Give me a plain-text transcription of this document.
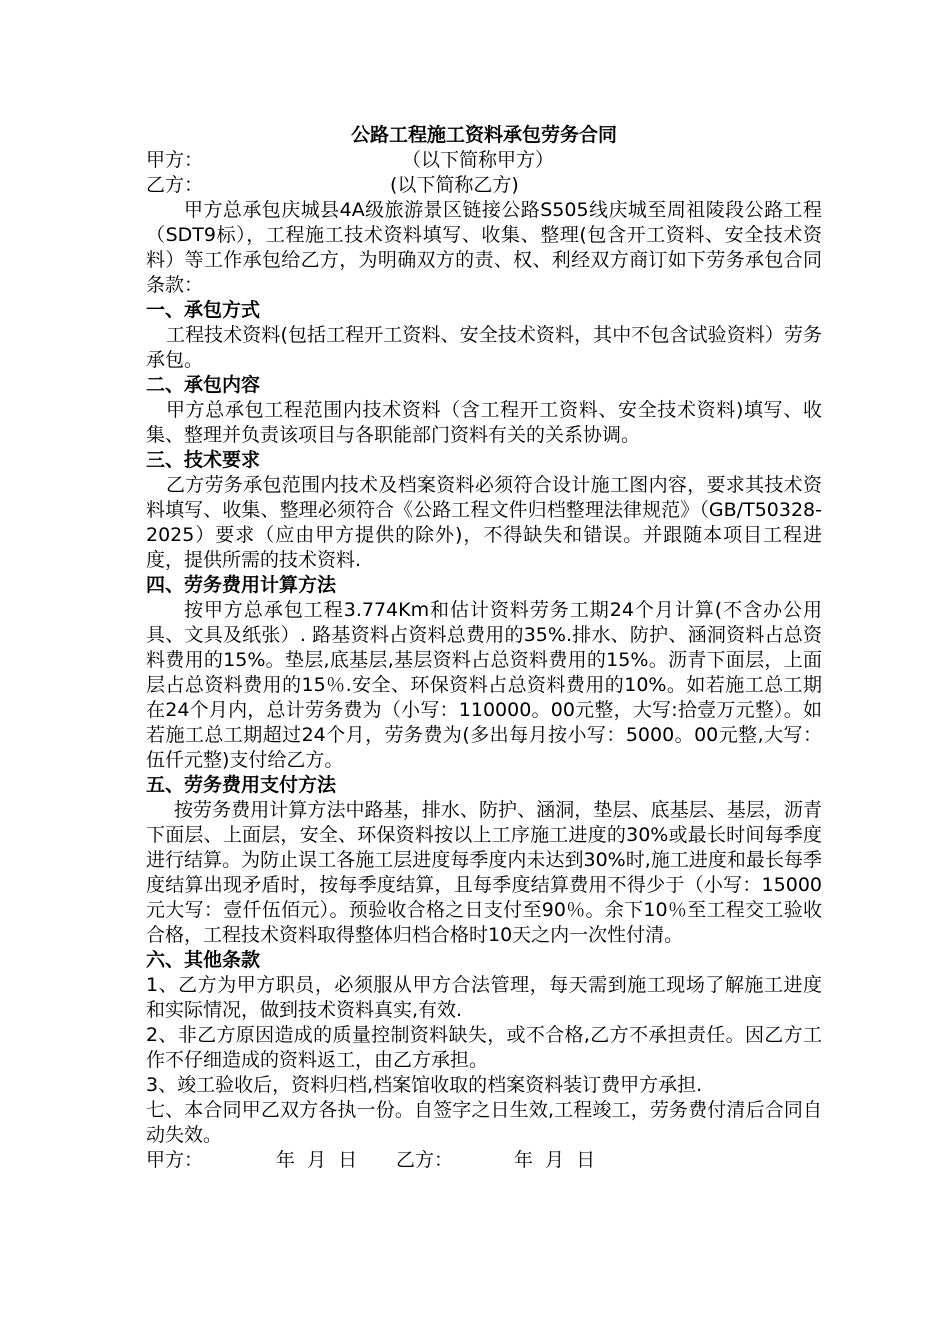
公路工程施工资料承包劳务合同
甲方：	（以下简称甲方）
乙方：	(以下简称乙方)
甲方总承包庆城县4A级旅游景区链接公路S505线庆城至周祖陵段公路工程（SDT9标），工程施工技术资料填写、收集、整理(包含开工资料、安全技术资料）等工作承包给乙方，为明确双方的责、权、利经双方商订如下劳务承包合同条款：
一、承包方式
工程技术资料(包括工程开工资料、安全技术资料，其中不包含试验资料）劳务承包。
二、承包内容
甲方总承包工程范围内技术资料（含工程开工资料、安全技术资料)填写、收集、整理并负责该项目与各职能部门资料有关的关系协调。
三、技术要求
乙方劳务承包范围内技术及档案资料必须符合设计施工图内容，要求其技术资料填写、收集、整理必须符合《公路工程文件归档整理法律规范》（GB/T50328-2025）要求（应由甲方提供的除外)，不得缺失和错误。并跟随本项目工程进度，提供所需的技术资料.
四、劳务费用计算方法
按甲方总承包工程3.774Km和估计资料劳务工期24个月计算(不含办公用具、文具及纸张）. 路基资料占资料总费用的35%.排水、防护、涵洞资料占总资料费用的15%。垫层,底基层,基层资料占总资料费用的15%。沥青下面层，上面层占总资料费用的15％.安全、环保资料占总资料费用的10%。如若施工总工期在24个月内，总计劳务费为（小写：110000。00元整，大写:拾壹万元整）。如若施工总工期超过24个月，劳务费为(多出每月按小写：5000。00元整,大写：伍仟元整)支付给乙方。
五、劳务费用支付方法
按劳务费用计算方法中路基，排水、防护、涵洞，垫层、底基层、基层，沥青下面层、上面层，安全、环保资料按以上工序施工进度的30%或最长时间每季度进行结算。为防止误工各施工层进度每季度内未达到30%时,施工进度和最长每季度结算出现矛盾时，按每季度结算，且每季度结算费用不得少于（小写：15000元大写：壹仟伍佰元）。预验收合格之日支付至90％。余下10％至工程交工验收合格，工程技术资料取得整体归档合格时10天之内一次性付清。
六、其他条款
1、乙方为甲方职员，必须服从甲方合法管理，每天需到施工现场了解施工进度和实际情况，做到技术资料真实,有效.
2、非乙方原因造成的质量控制资料缺失，或不合格,乙方不承担责任。因乙方工作不仔细造成的资料返工，由乙方承担。
3、竣工验收后，资料归档,档案馆收取的档案资料装订费甲方承担.
七、本合同甲乙双方各执一份。自签字之日生效,工程竣工，劳务费付清后合同自动失效。
甲方：	年  月  日	乙方：	年  月  日
